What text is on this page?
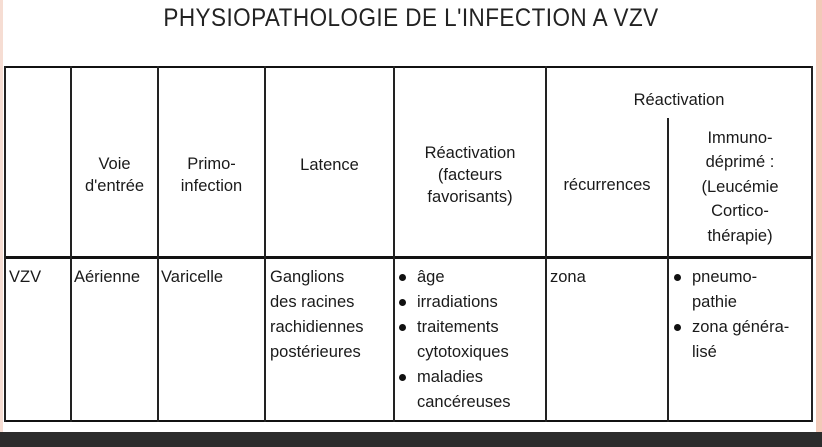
PHYSIOPATHOLOGIE DE L'INFECTION A VZV
Voie
d'entrée
Primo-
infection
Latence
Réactivation
(facteurs
favorisants)
Réactivation
récurrences
Immuno-
déprimé :
(Leucémie
Cortico-
thérapie)
VZV Aérienne Varicelle	Ganglions
des racines
rachidiennes
postérieures
âge
irradiations
traitements
cytotoxiques
maladies
cancéreuses
zona	pneumo-
pathie
zona généra-
lisé
